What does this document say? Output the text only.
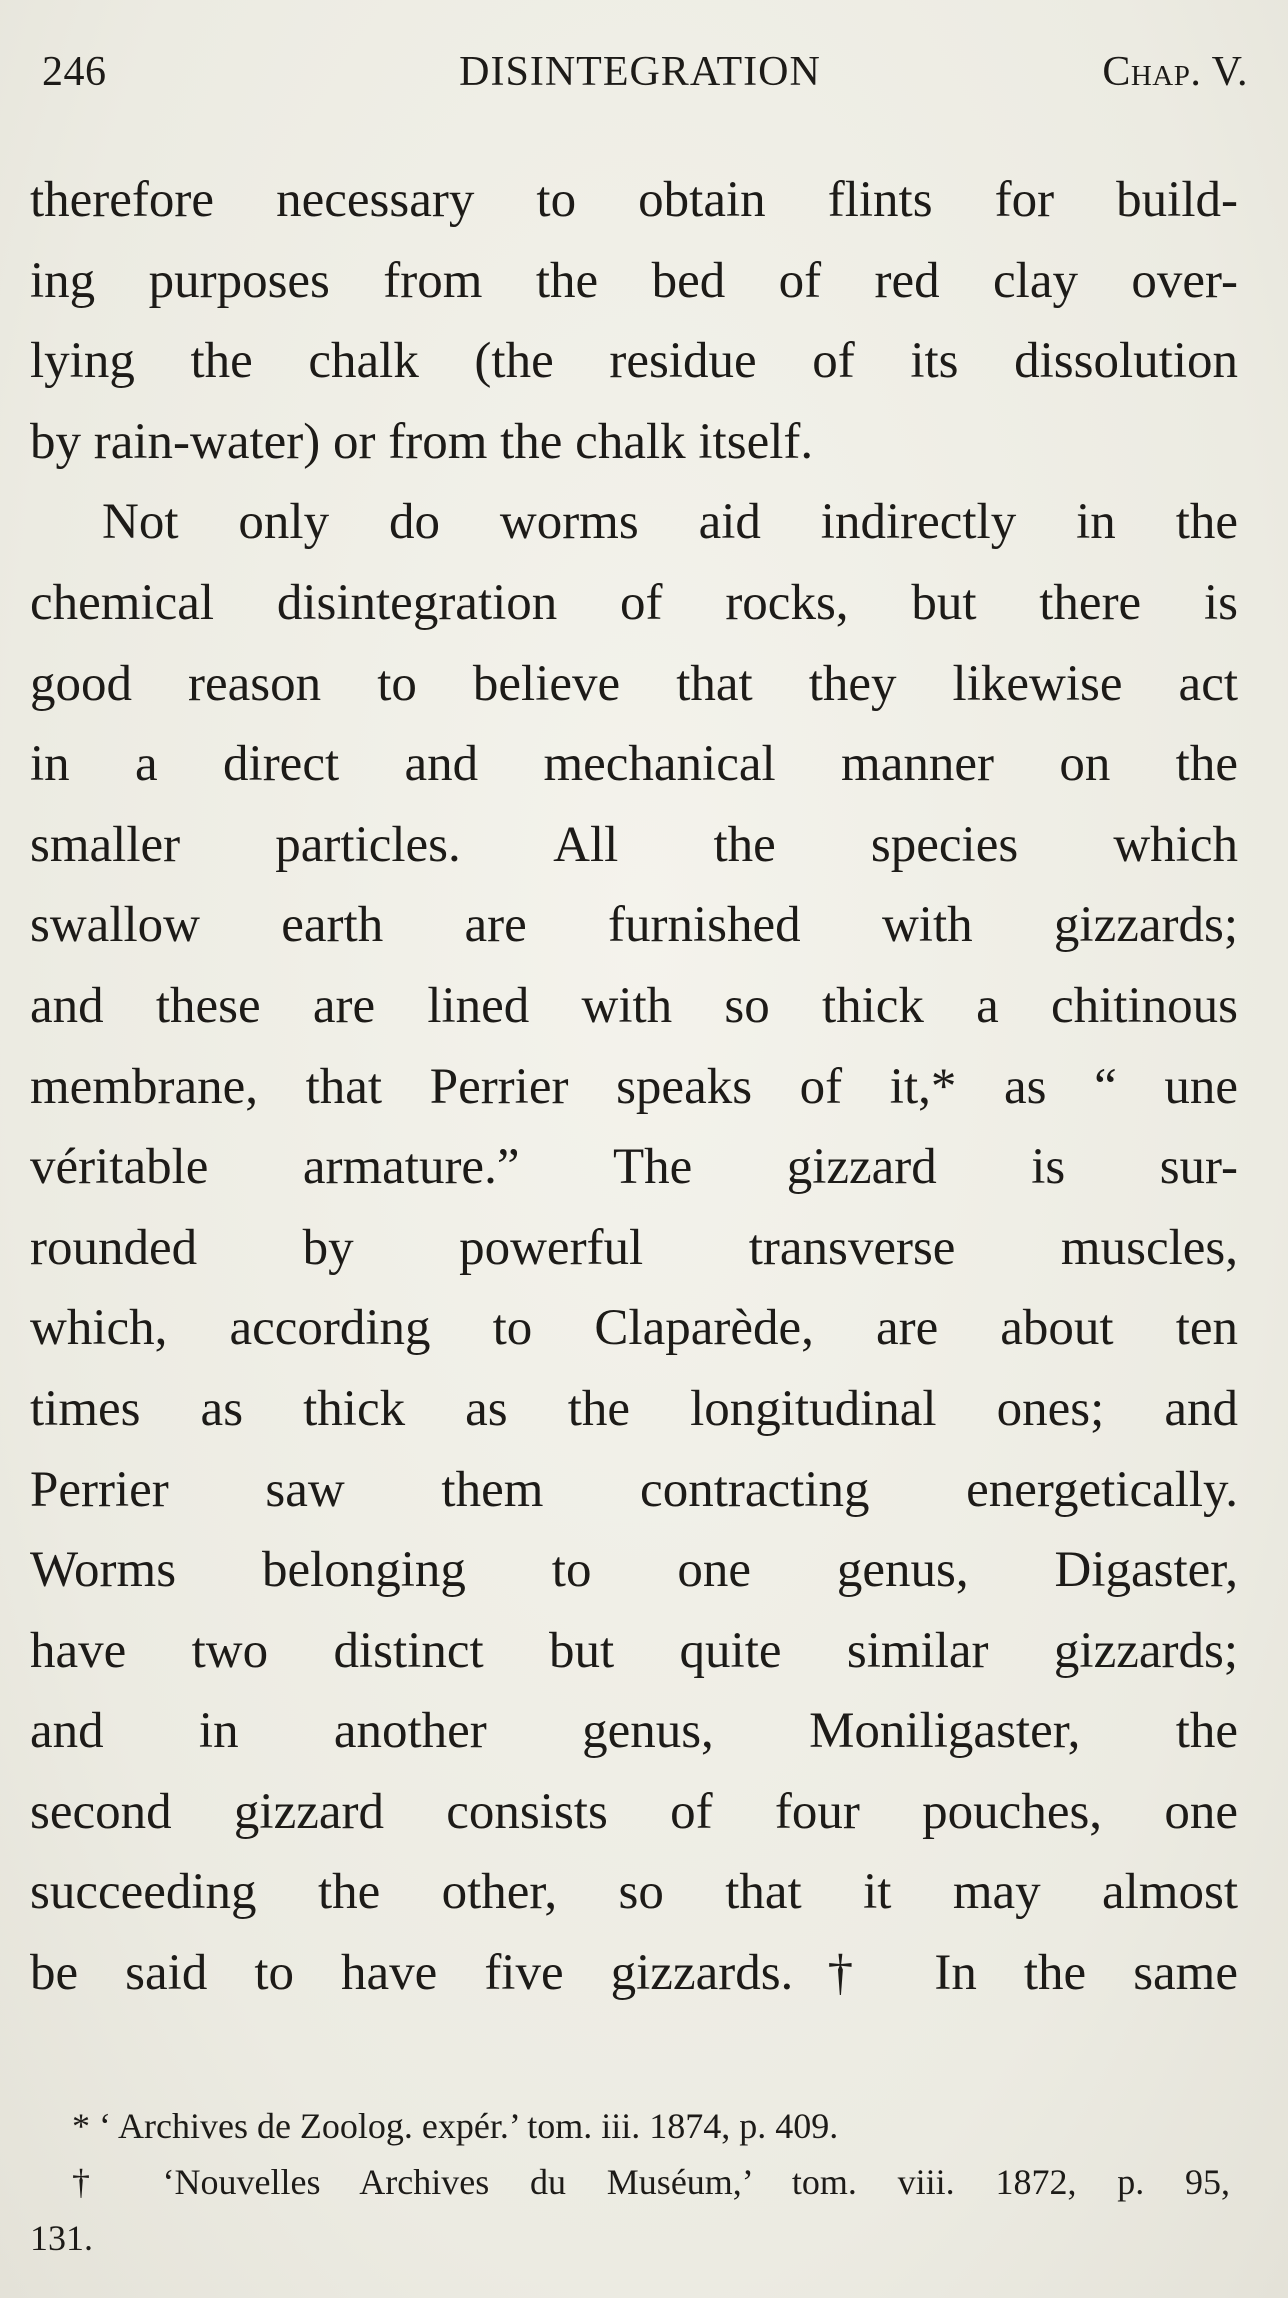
246	DISINTEGRATION	Chap. V.
therefore necessary to obtain flints for build-
ing purposes from the bed of red clay over-
lying the chalk (the residue of its dissolution
by rain-water) or from the chalk itself.
Not only do worms aid indirectly in the
chemical disintegration of rocks, but there is
good reason to believe that they likewise act
in a direct and mechanical manner on the
smaller particles. All the species which
swallow earth are furnished with gizzards;
and these are lined with so thick a chitinous
membrane, that Perrier speaks of it,* as “ une
véritable armature.” The gizzard is sur-
rounded by powerful transverse muscles,
which, according to Claparède, are about ten
times as thick as the longitudinal ones; and
Perrier saw them contracting energetically.
Worms belonging to one genus, Digaster,
have two distinct but quite similar gizzards;
and in another genus, Moniligaster, the
second gizzard consists of four pouches, one
succeeding the other, so that it may almost
be said to have five gizzards.† In the same
* ‘ Archives de Zoolog. expér.’ tom. iii. 1874, p. 409.
† ‘Nouvelles Archives du Muséum,’ tom. viii. 1872, p. 95,
131.
